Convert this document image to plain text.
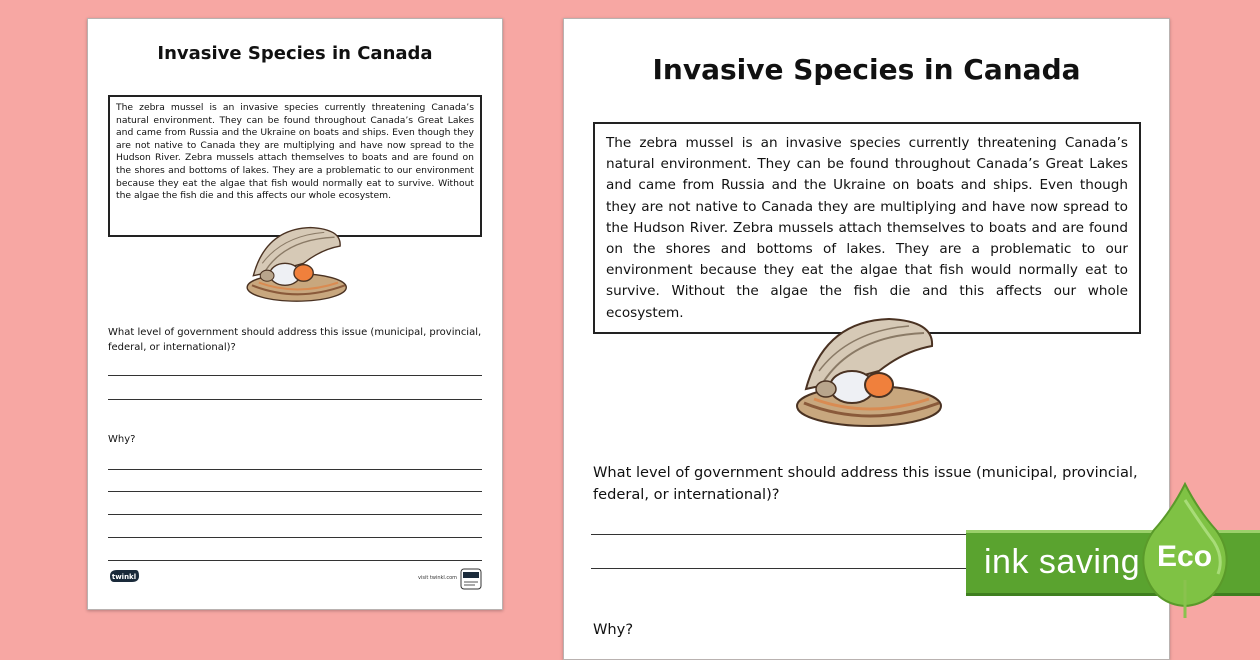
Invasive Species in Canada
The zebra mussel is an invasive species currently threatening Canada’s natural environment. They can be found throughout Canada’s Great Lakes and came from Russia and the Ukraine on boats and ships. Even though they are not native to Canada they are multiplying and have now spread to the Hudson River. Zebra mussels attach themselves to boats and are found on the shores and bottoms of lakes. They are a problematic to our environment because they eat the algae that fish would normally eat to survive. Without the algae the fish die and this affects our whole ecosystem.
What level of government should address this issue (municipal, provincial, federal, or international)?
Why?
twinkl	visit twinkl.com
Invasive Species in Canada
The zebra mussel is an invasive species currently threatening Canada’s natural environment. They can be found throughout Canada’s Great Lakes and came from Russia and the Ukraine on boats and ships. Even though they are not native to Canada they are multiplying and have now spread to the Hudson River. Zebra mussels attach themselves to boats and are found on the shores and bottoms of lakes. They are a problematic to our environment because they eat the algae that fish would normally eat to survive. Without the algae the fish die and this affects our whole ecosystem.
What level of government should address this issue (municipal, provincial, federal, or international)?
Why?
ink saving Eco
